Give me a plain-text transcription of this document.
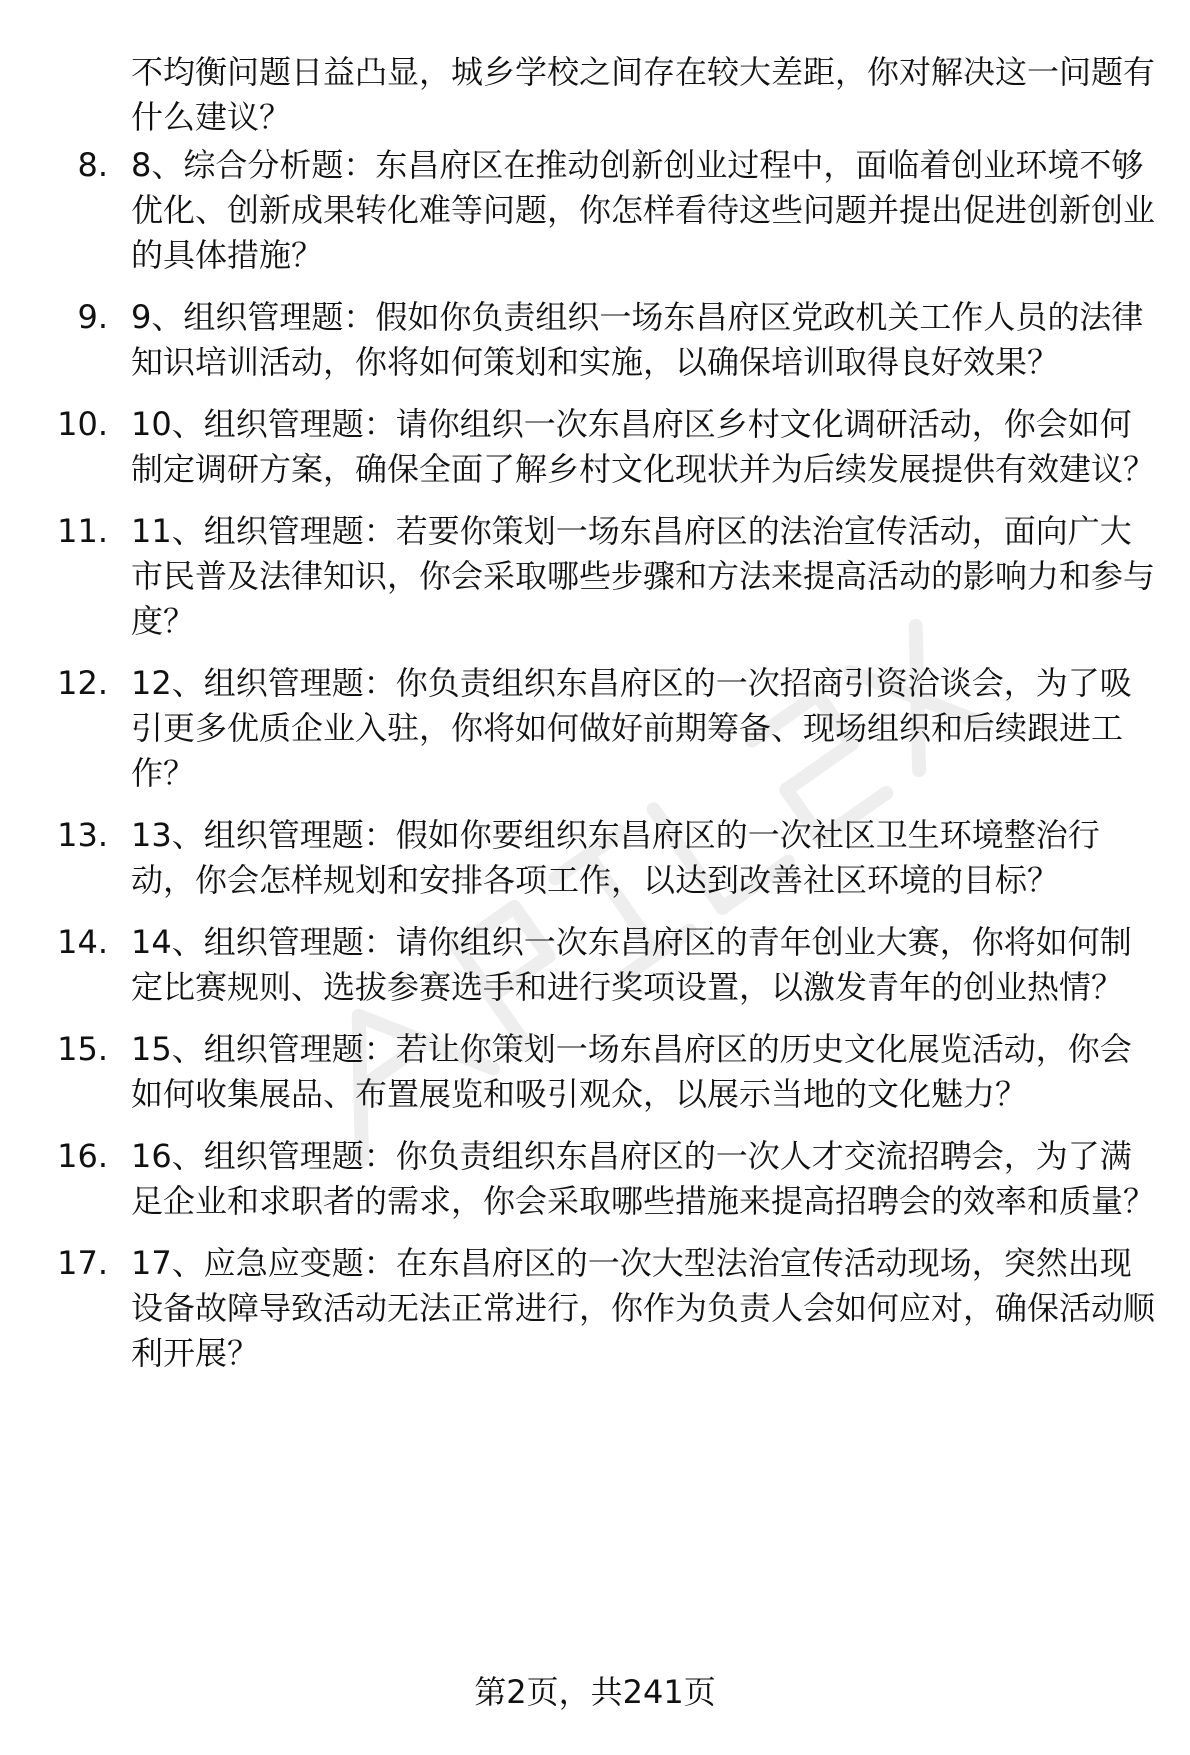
不均衡问题日益凸显，城乡学校之间存在较大差距，你对解决这一问题有什么建议？

8. 8、综合分析题：东昌府区在推动创新创业过程中，面临着创业环境不够优化、创新成果转化难等问题，你怎样看待这些问题并提出促进创新创业的具体措施？
9. 9、组织管理题：假如你负责组织一场东昌府区党政机关工作人员的法律知识培训活动，你将如何策划和实施，以确保培训取得良好效果？
10. 10、组织管理题：请你组织一次东昌府区乡村文化调研活动，你会如何制定调研方案，确保全面了解乡村文化现状并为后续发展提供有效建议？
11. 11、组织管理题：若要你策划一场东昌府区的法治宣传活动，面向广大市民普及法律知识，你会采取哪些步骤和方法来提高活动的影响力和参与度？
12. 12、组织管理题：你负责组织东昌府区的一次招商引资洽谈会，为了吸引更多优质企业入驻，你将如何做好前期筹备、现场组织和后续跟进工作？
13. 13、组织管理题：假如你要组织东昌府区的一次社区卫生环境整治行动，你会怎样规划和安排各项工作，以达到改善社区环境的目标？
14. 14、组织管理题：请你组织一次东昌府区的青年创业大赛，你将如何制定比赛规则、选拔参赛选手和进行奖项设置，以激发青年的创业热情？
15. 15、组织管理题：若让你策划一场东昌府区的历史文化展览活动，你会如何收集展品、布置展览和吸引观众，以展示当地的文化魅力？
16. 16、组织管理题：你负责组织东昌府区的一次人才交流招聘会，为了满足企业和求职者的需求，你会采取哪些措施来提高招聘会的效率和质量？
17. 17、应急应变题：在东昌府区的一次大型法治宣传活动现场，突然出现设备故障导致活动无法正常进行，你作为负责人会如何应对，确保活动顺利开展？
第2页，共241页
